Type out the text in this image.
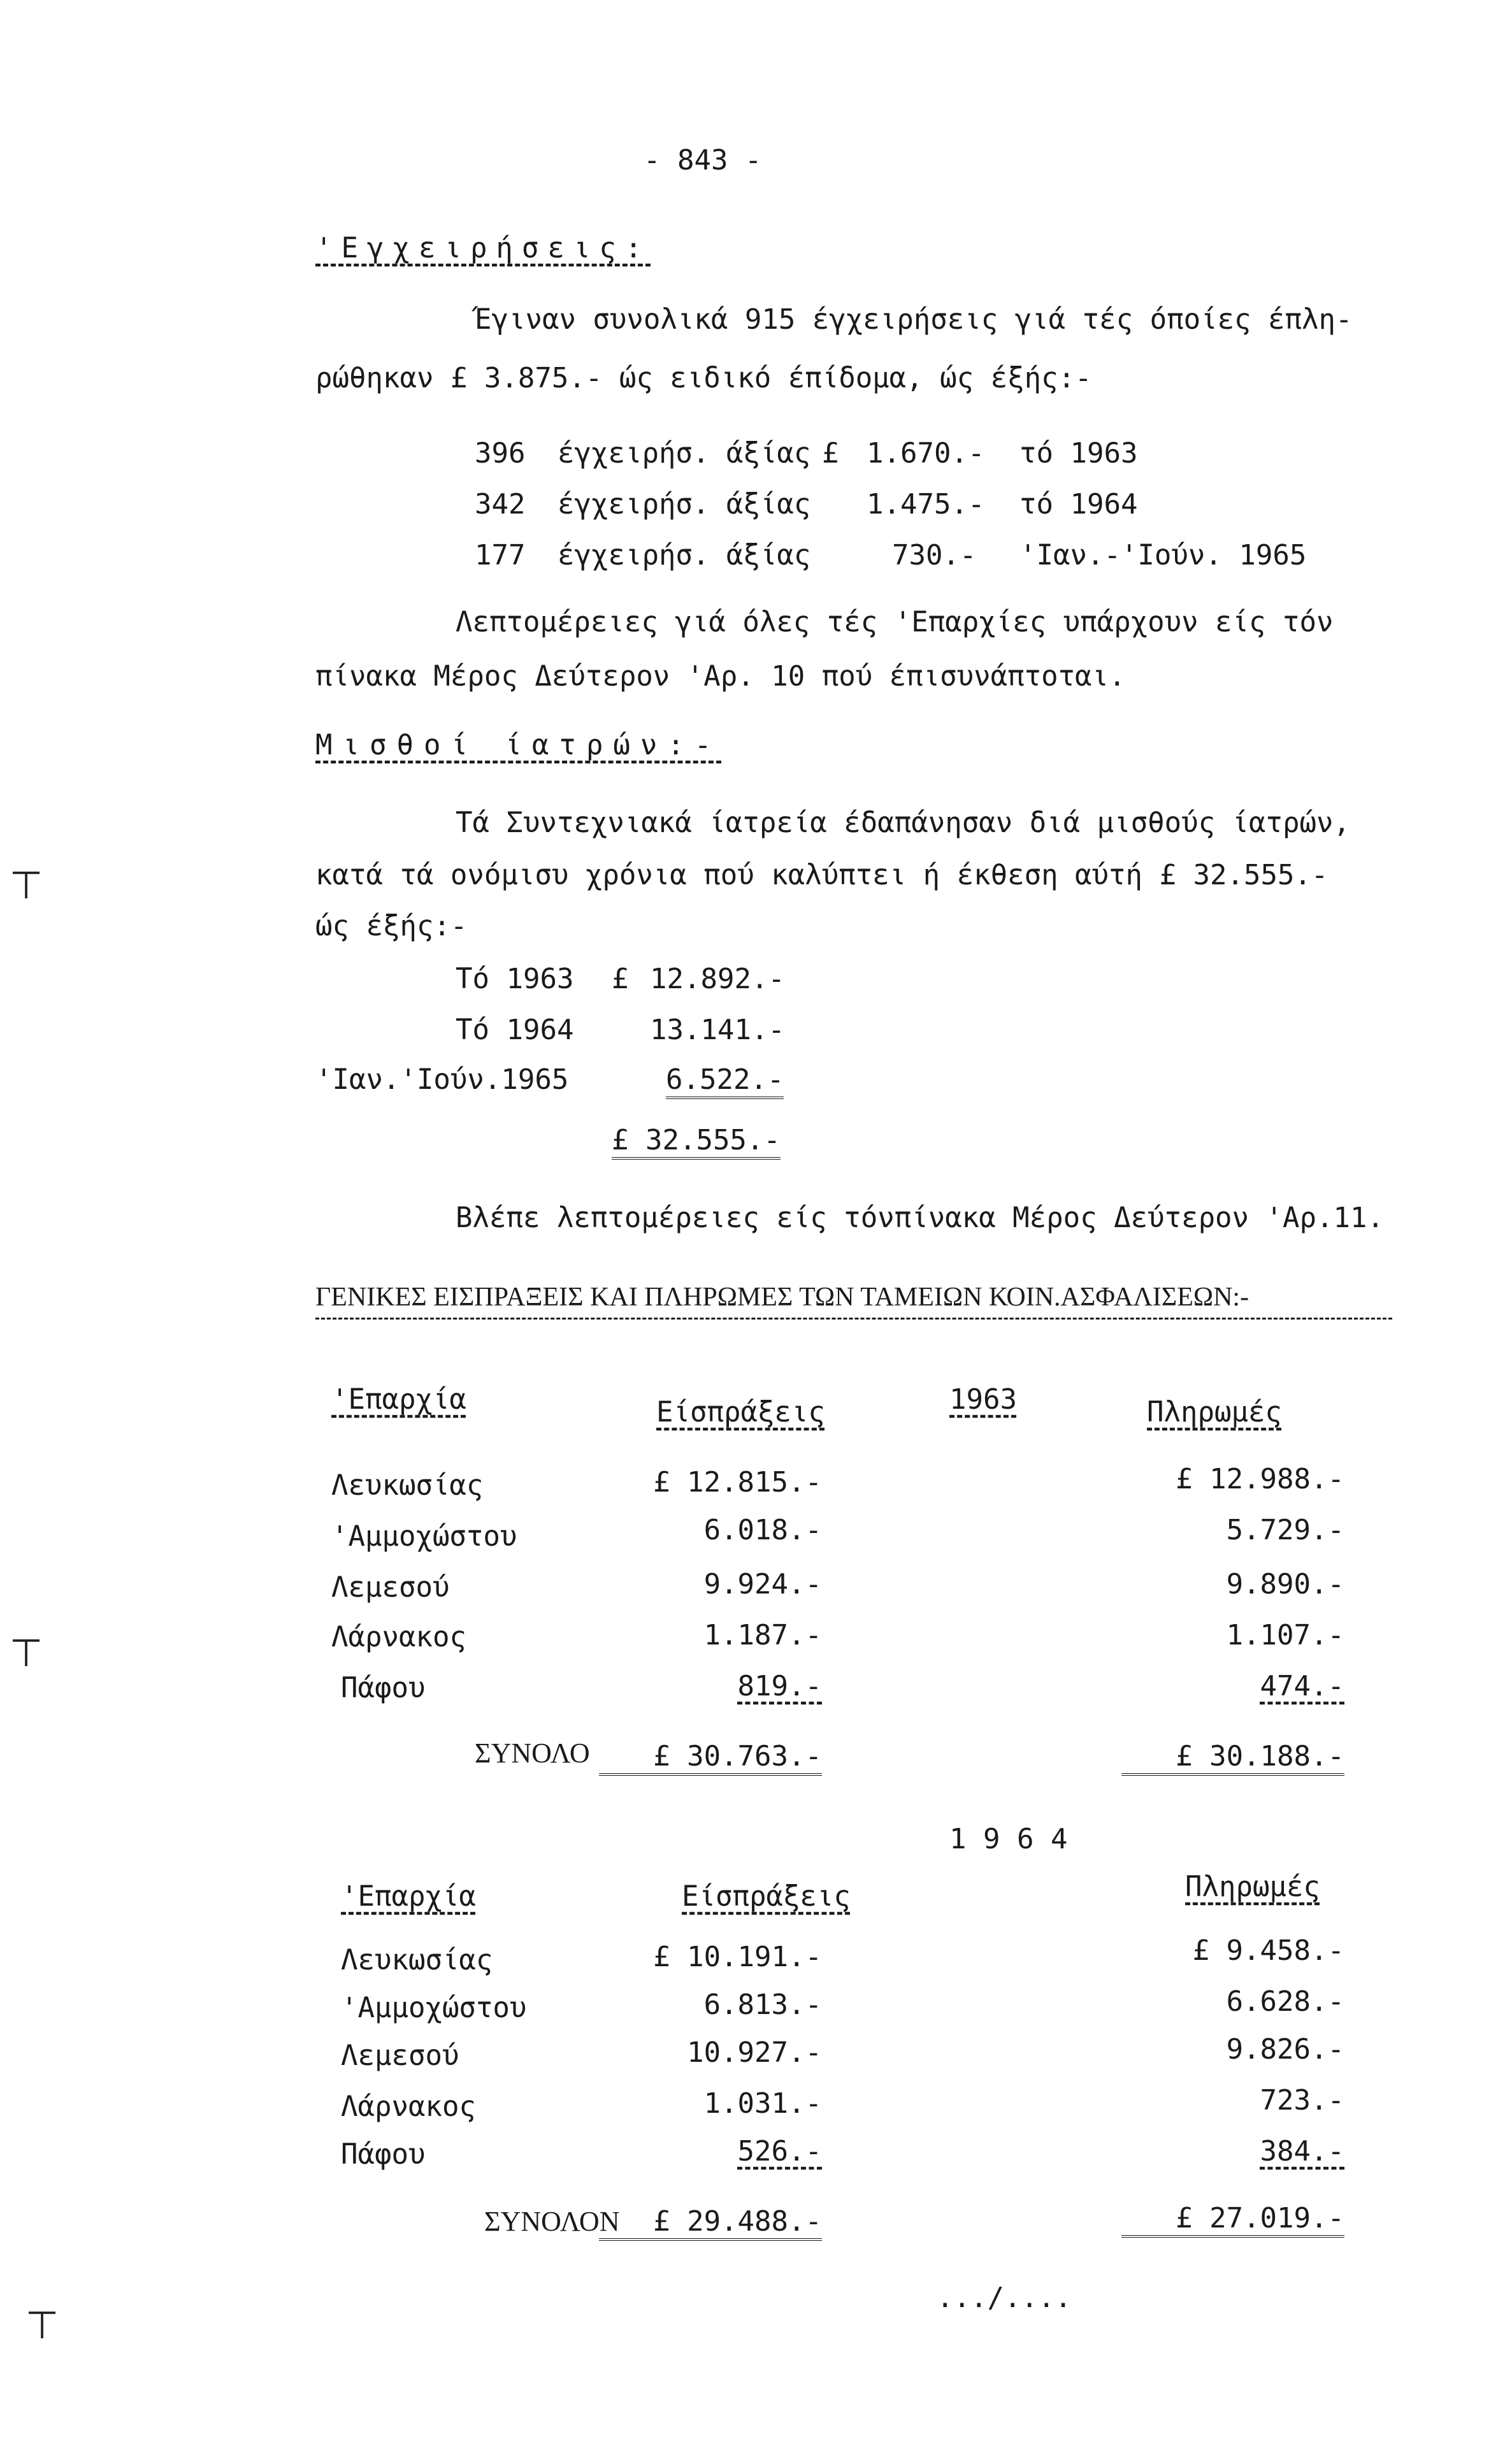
- 843 -
'Εγχειρήσεις:
Έγιναν συνολικά 915 έγχειρήσεις γιά τές όποίες έπλη-
ρώθηκαν £ 3.875.- ώς ειδικό έπίδομα, ώς έξής:-
396 έγχειρήσ. άξίας £ 1.670.- τό 1963
342 έγχειρήσ. άξίας 1.475.- τό 1964
177 έγχειρήσ. άξίας	730.- 'Ιαν.-'Ιούν. 1965
Λεπτομέρειες γιά όλες τές 'Επαρχίες υπάρχουν είς τόν
πίνακα Μέρος Δεύτερον 'Αρ. 10 πού έπισυνάπτοται.
Μισθοί ίατρών:-
Τά Συντεχνιακά ίατρεία έδαπάνησαν διά μισθούς ίατρών,
κατά τά ονόμισυ χρόνια πού καλύπτει ή έκθεση αύτή £ 32.555.-
ώς έξής:-
Τό 1963 £ 12.892.-
Τό 1964	13.141.-
'Ιαν.'Ιούν.1965	6.522.-
£ 32.555.-
Βλέπε λεπτομέρειες είς τόνπίνακα Μέρος Δεύτερον 'Αρ.11.
ΓΕΝΙΚΕΣ ΕΙΣΠΡΑΞΕΙΣ ΚΑΙ ΠΛΗΡΩΜΕΣ ΤΩΝ ΤΑΜΕΙΩΝ ΚΟΙΝ.ΑΣΦΑΛΙΣΕΩΝ:-
'Επαρχία	Είσπράξεις	1963	Πληρωμές
Λευκωσίας	£ 12.815.-	£ 12.988.-
'Αμμοχώστου	6.018.-	5.729.-
Λεμεσού	9.924.-	9.890.-
Λάρνακος	1.187.-	1.107.-
Πάφου	819.-	474.-
ΣΥΝΟΛΟ	£ 30.763.-	£ 30.188.-
1 9 6 4
'Επαρχία	Είσπράξεις	Πληρωμές
Λευκωσίας	£ 10.191.-	£ 9.458.-
'Αμμοχώστου	6.813.-	6.628.-
Λεμεσού	10.927.-	9.826.-
Λάρνακος	1.031.-	723.-
Πάφου	526.-	384.-
ΣΥΝΟΛΟΝ	£ 29.488.-	£ 27.019.-
.../....
⊤
⊤
⊤
